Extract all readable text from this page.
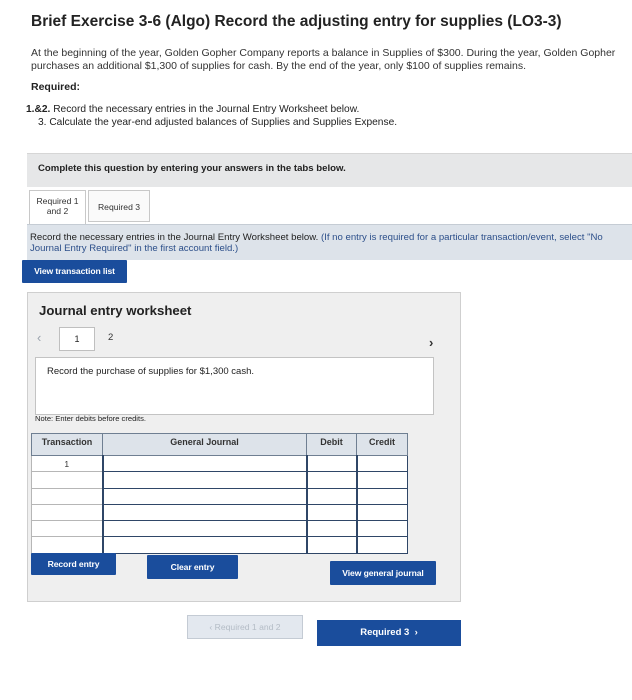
Brief Exercise 3-6 (Algo) Record the adjusting entry for supplies (LO3-3)
At the beginning of the year, Golden Gopher Company reports a balance in Supplies of $300. During the year, Golden Gopher purchases an additional $1,300 of supplies for cash. By the end of the year, only $100 of supplies remains.
Required:
1.&2. Record the necessary entries in the Journal Entry Worksheet below.
3. Calculate the year-end adjusted balances of Supplies and Supplies Expense.
Complete this question by entering your answers in the tabs below.
Required 1
and 2	Required 3
Record the necessary entries in the Journal Entry Worksheet below. (If no entry is required for a particular transaction/event, select "No Journal Entry Required" in the first account field.)
View transaction list
Journal entry worksheet
‹	1	2	›
Record the purchase of supplies for $1,300 cash.
Note: Enter debits before credits.
Transaction	General Journal	Debit	Credit
1			

Record entry	Clear entry
View general journal
‹ Required 1 and 2	Required 3  ›
